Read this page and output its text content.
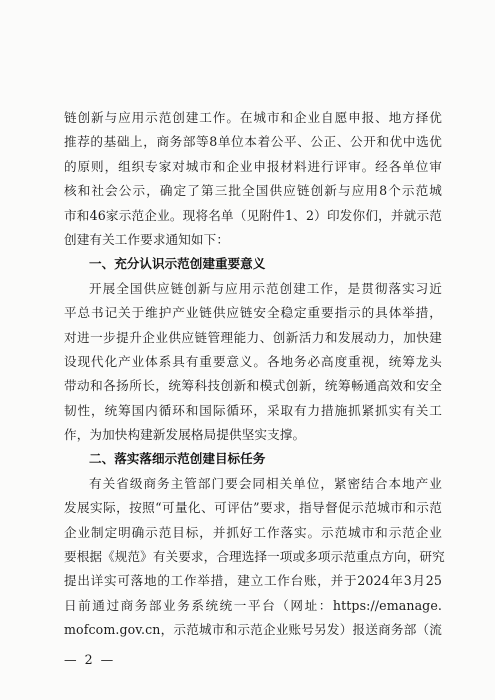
链创新与应用示范创建工作。在城市和企业自愿申报、地方择优
推荐的基础上，商务部等8单位本着公平、公正、公开和优中选优
的原则，组织专家对城市和企业申报材料进行评审。经各单位审
核和社会公示，确定了第三批全国供应链创新与应用8个示范城
市和46家示范企业。现将名单（见附件1、2）印发你们，并就示范
创建有关工作要求通知如下：
一、充分认识示范创建重要意义
开展全国供应链创新与应用示范创建工作，是贯彻落实习近
平总书记关于维护产业链供应链安全稳定重要指示的具体举措，
对进一步提升企业供应链管理能力、创新活力和发展动力，加快建
设现代化产业体系具有重要意义。各地务必高度重视，统筹龙头
带动和各扬所长，统筹科技创新和模式创新，统筹畅通高效和安全
韧性，统筹国内循环和国际循环，采取有力措施抓紧抓实有关工
作，为加快构建新发展格局提供坚实支撑。
二、落实落细示范创建目标任务
有关省级商务主管部门要会同相关单位，紧密结合本地产业
发展实际，按照“可量化、可评估”要求，指导督促示范城市和示范
企业制定明确示范目标，并抓好工作落实。示范城市和示范企业
要根据《规范》有关要求，合理选择一项或多项示范重点方向，研究
提出详实可落地的工作举措，建立工作台账，并于2024年3月25
日前通过商务部业务系统统一平台（网址：https://emanage.
mofcom.gov.cn，示范城市和示范企业账号另发）报送商务部（流
— 2 —
